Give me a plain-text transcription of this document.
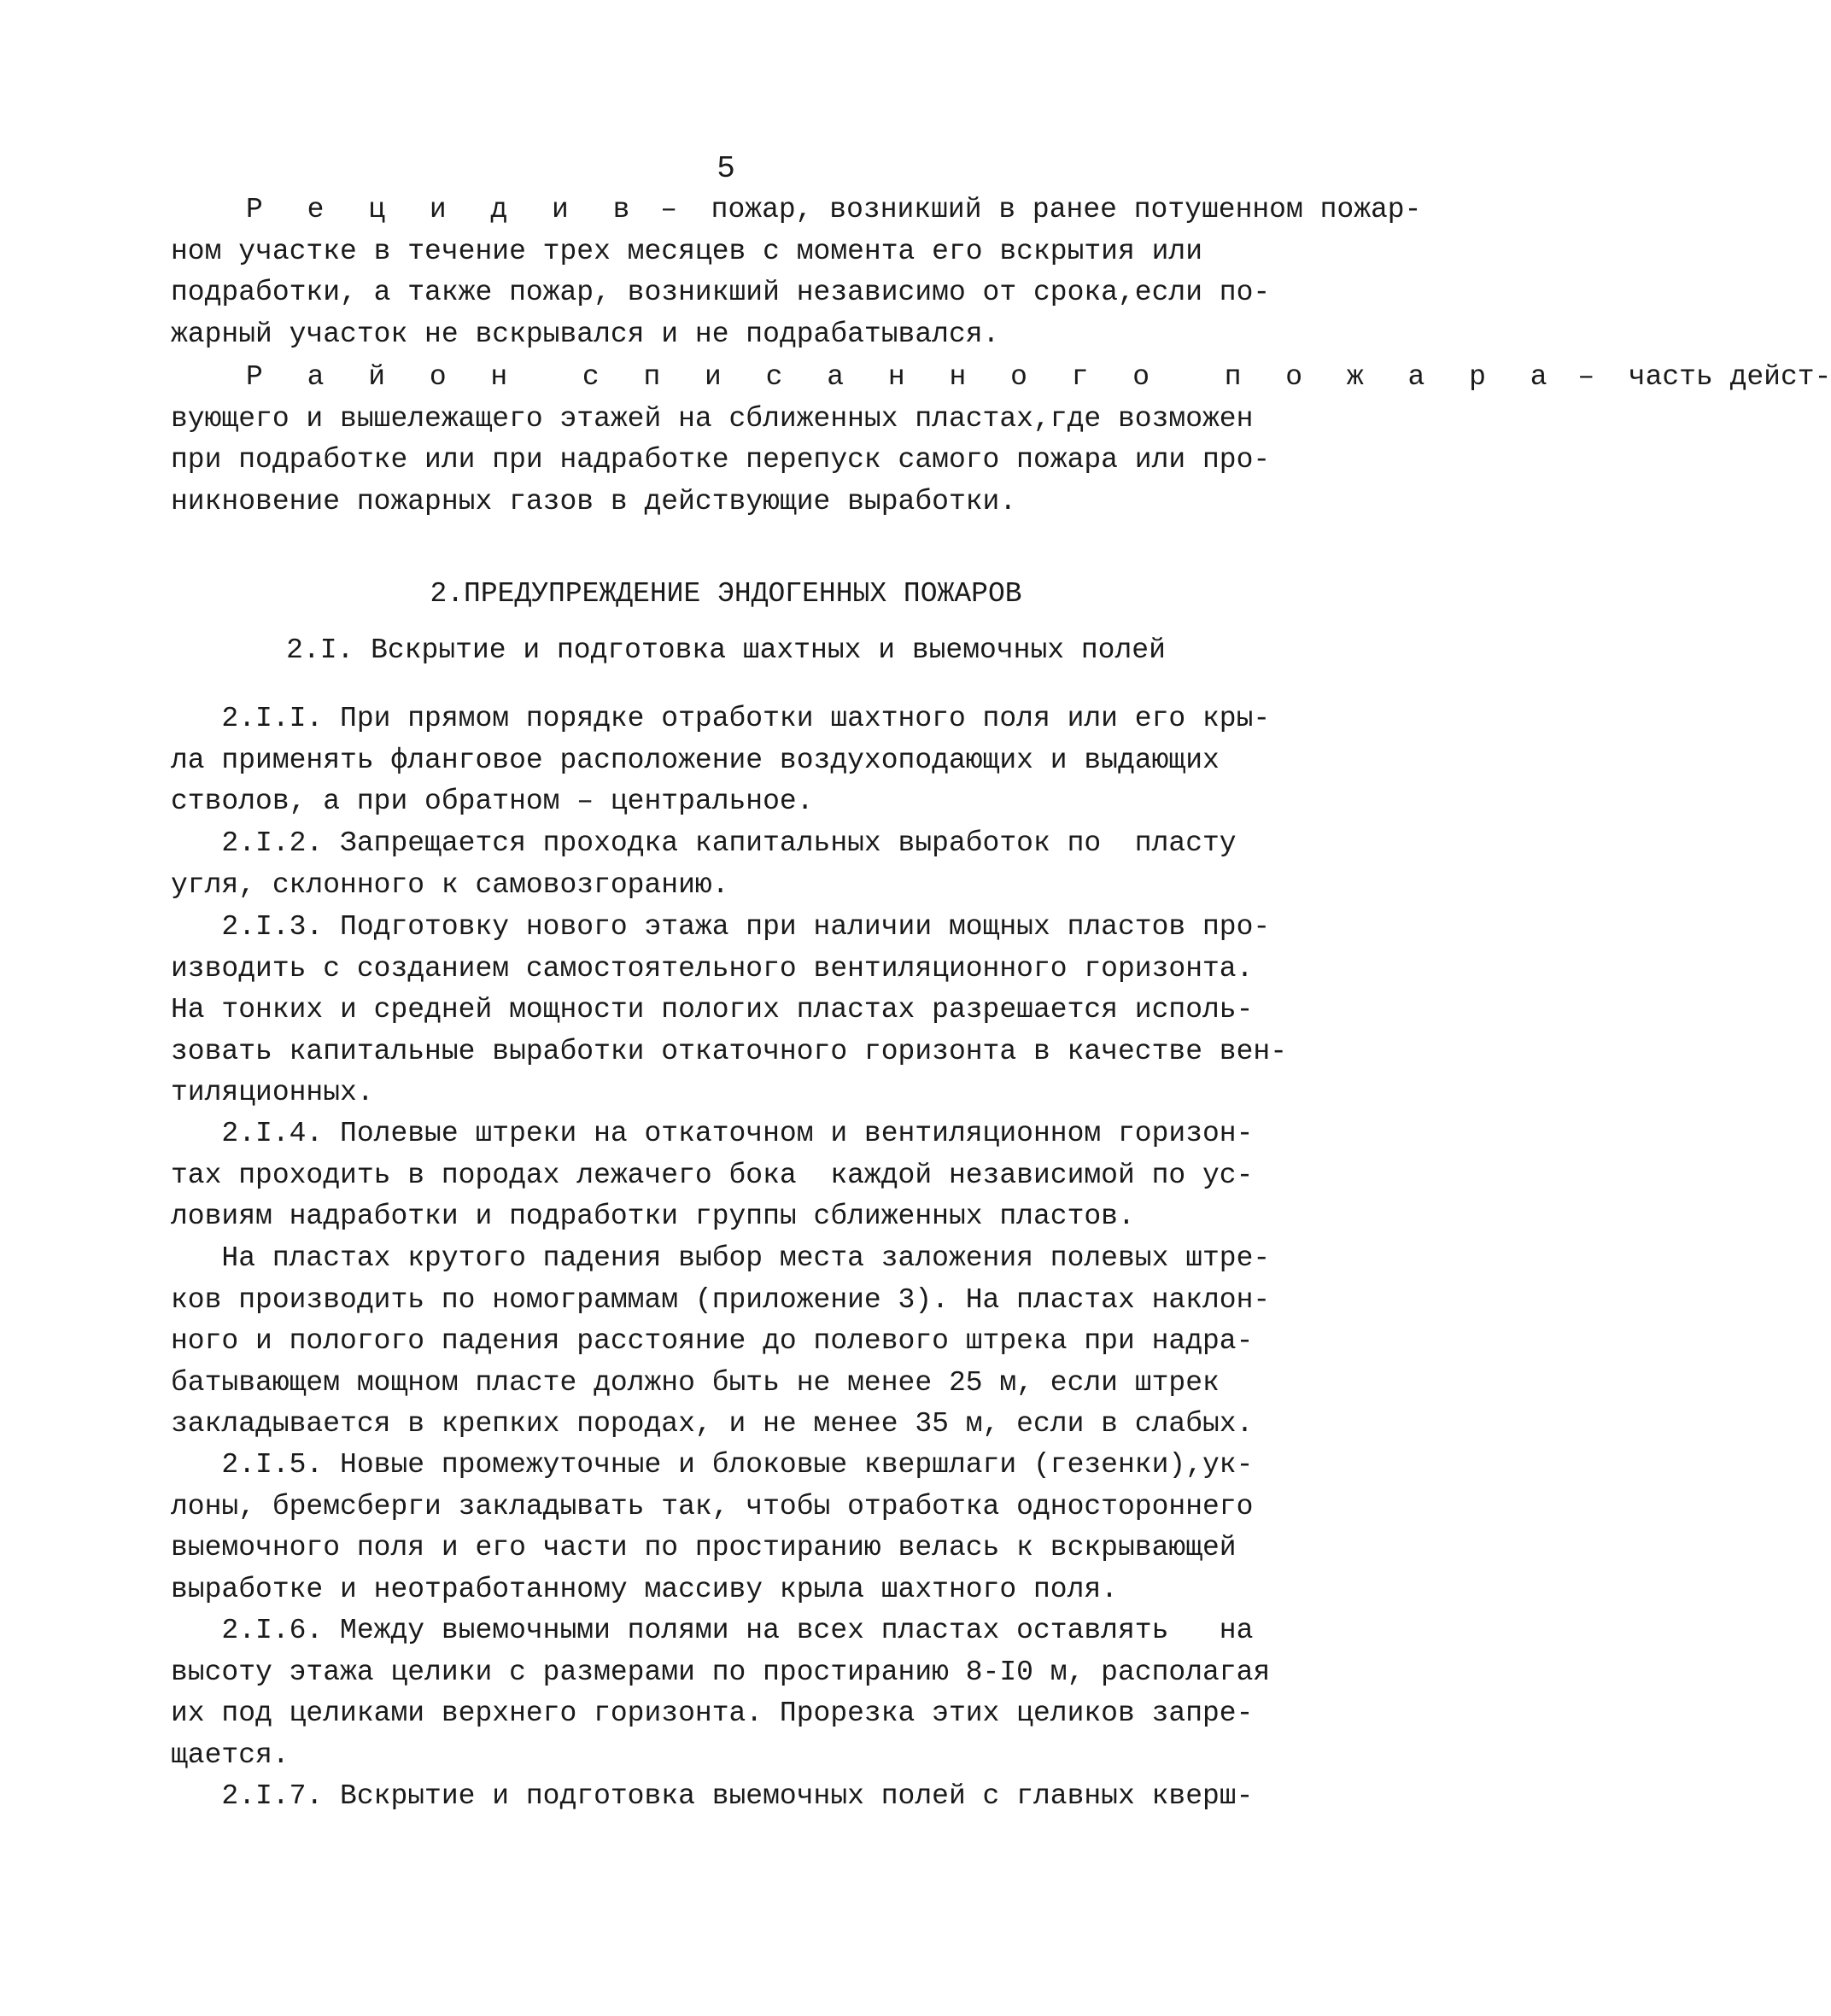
5
Р е ц и д и в –  пожар, возникший в ранее потушенном пожар-
ном участке в течение трех месяцев с момента его вскрытия или
подработки, а также пожар, возникший независимо от срока,если по-
жарный участок не вскрывался и не подрабатывался.
Р а й о н  с п и с а н н о г о  п о ж а р а –  часть дейст-
вующего и вышележащего этажей на сближенных пластах,где возможен
при подработке или при надработке перепуск самого пожара или про-
никновение пожарных газов в действующие выработки.
2.ПРЕДУПРЕЖДЕНИЕ ЭНДОГЕННЫХ ПОЖАРОВ
2.I. Вскрытие и подготовка шахтных и выемочных полей
2.I.I. При прямом порядке отработки шахтного поля или его кры-
ла применять фланговое расположение воздухоподающих и выдающих
стволов, а при обратном – центральное.
2.I.2. Запрещается проходка капитальных выработок по  пласту
угля, склонного к самовозгоранию.
2.I.3. Подготовку нового этажа при наличии мощных пластов про-
изводить с созданием самостоятельного вентиляционного горизонта.
На тонких и средней мощности пологих пластах разрешается исполь-
зовать капитальные выработки откаточного горизонта в качестве вен-
тиляционных.
2.I.4. Полевые штреки на откаточном и вентиляционном горизон-
тах проходить в породах лежачего бока  каждой независимой по ус-
ловиям надработки и подработки группы сближенных пластов.
На пластах крутого падения выбор места заложения полевых штре-
ков производить по номограммам (приложение 3). На пластах наклон-
ного и пологого падения расстояние до полевого штрека при надра-
батывающем мощном пласте должно быть не менее 25 м, если штрек
закладывается в крепких породах, и не менее 35 м, если в слабых.
2.I.5. Новые промежуточные и блоковые квершлаги (гезенки),ук-
лоны, бремсберги закладывать так, чтобы отработка одностороннего
выемочного поля и его части по простиранию велась к вскрывающей
выработке и неотработанному массиву крыла шахтного поля.
2.I.6. Между выемочными полями на всех пластах оставлять   на
высоту этажа целики с размерами по простиранию 8-I0 м, располагая
их под целиками верхнего горизонта. Прорезка этих целиков запре-
щается.
2.I.7. Вскрытие и подготовка выемочных полей с главных кверш-
